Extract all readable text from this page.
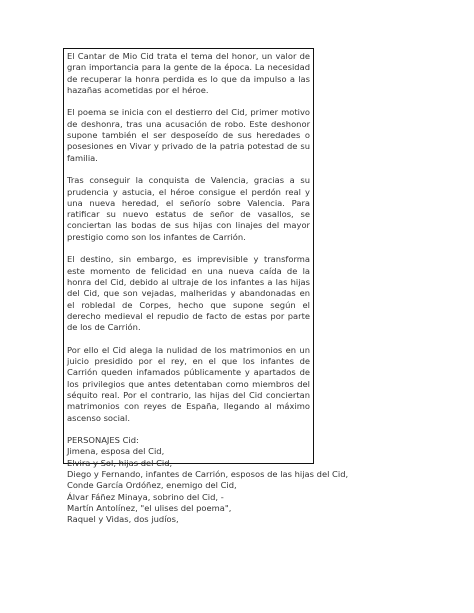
El Cantar de Mio Cid trata el tema del honor, un valor de gran importancia para la gente de la época. La necesidad de recuperar la honra perdida es lo que da impulso a las hazañas acometidas por el héroe.

El poema se inicia con el destierro del Cid, primer motivo de deshonra, tras una acusación de robo. Este deshonor supone también el ser desposeído de sus heredades o posesiones en Vivar y privado de la patria potestad de su familia.

Tras conseguir la conquista de Valencia, gracias a su prudencia y astucia, el héroe consigue el perdón real y una nueva heredad, el señorío sobre Valencia. Para ratificar su nuevo estatus de señor de vasallos, se conciertan las bodas de sus hijas con linajes del mayor prestigio como son los infantes de Carrión.

El destino, sin embargo, es imprevisible y transforma este momento de felicidad en una nueva caída de la honra del Cid, debido al ultraje de los infantes a las hijas del Cid, que son vejadas, malheridas y abandonadas en el robledal de Corpes, hecho que supone según el derecho medieval el repudio de facto de estas por parte de los de Carrión.

Por ello el Cid alega la nulidad de los matrimonios en un juicio presidido por el rey, en el que los infantes de Carrión queden infamados públicamente y apartados de los privilegios que antes detentaban como miembros del séquito real. Por el contrario, las hijas del Cid conciertan matrimonios con reyes de España, llegando al máximo ascenso social.

PERSONAJES Cid:
Jimena, esposa del Cid,
Elvira y Sol, hijas del Cid,
Diego y Fernando, infantes de Carrión, esposos de las hijas del Cid,
Conde García Ordóñez, enemigo del Cid,
Álvar Fáñez Minaya, sobrino del Cid, -
Martín Antolínez, "el ulises del poema",
Raquel y Vidas, dos judíos,
